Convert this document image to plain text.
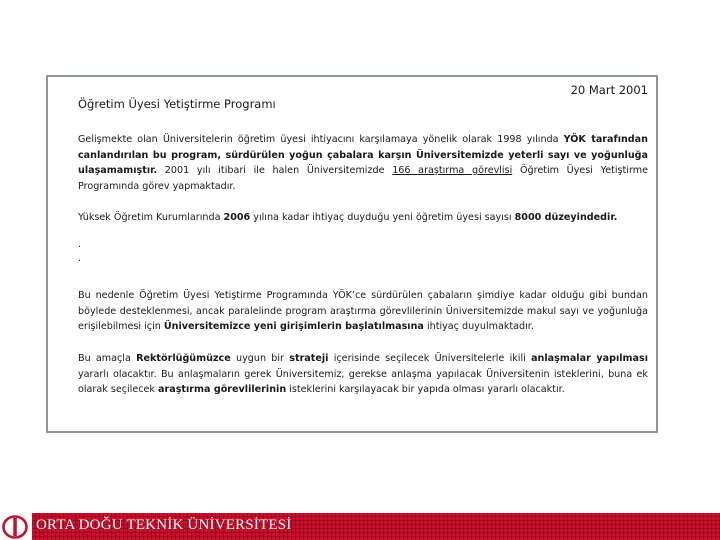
20 Mart 2001
Öğretim Üyesi Yetiştirme Programı

Gelişmekte olan Üniversitelerin öğretim üyesi ihtiyacını karşılamaya yönelik olarak 1998 yılında YÖK tarafından canlandırılan bu program, sürdürülen yoğun çabalara karşın Üniversitemizde yeterli sayı ve yoğunluğa ulaşamamıştır. 2001 yılı itibari ile halen Üniversitemizde 166 araştırma görevlisi Öğretim Üyesi Yetiştirme Programında görev yapmaktadır.

Yüksek Öğretim Kurumlarında 2006 yılına kadar ihtiyaç duyduğu yeni öğretim üyesi sayısı 8000 düzeyindedir.

·
·

Bu nedenle Öğretim Üyesi Yetiştirme Programında YÖK’ce sürdürülen çabaların şimdiye kadar olduğu gibi bundan böylede desteklenmesi, ancak paralelinde program araştırma görevlilerinin Üniversitemizde makul sayı ve yoğunluğa erişilebilmesi için Üniversitemizce yeni girişimlerin başlatılmasına ihtiyaç duyulmaktadır.

Bu amaçla Rektörlüğümüzce uygun bir strateji içerisinde seçilecek Üniversitelerle ikili anlaşmalar yapılması yararlı olacaktır. Bu anlaşmaların gerek Üniversitemiz, gerekse anlaşma yapılacak Üniversitenin isteklerini, buna ek olarak seçilecek araştırma görevlilerinin isteklerini karşılayacak bir yapıda olması yararlı olacaktır.

ORTA DOĞU TEKNİK ÜNİVERSİTESİ
